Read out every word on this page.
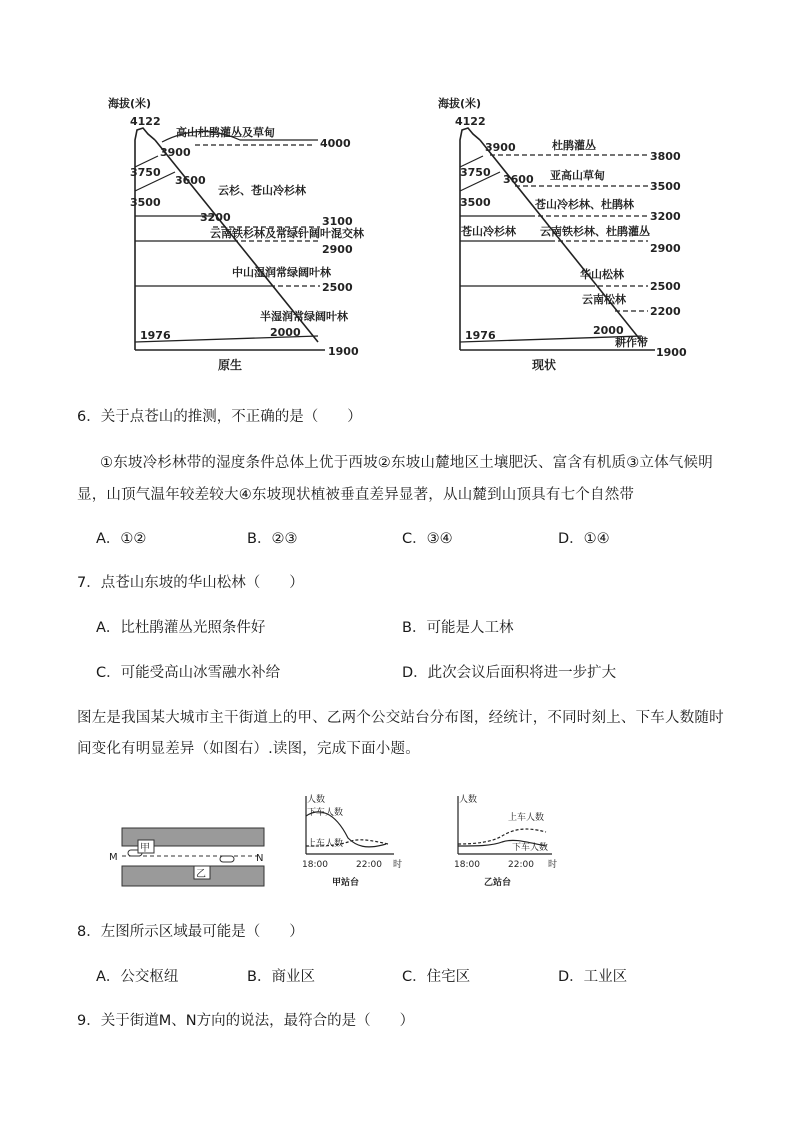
海拔(米)
4122
3750
3500
1976
3900
3600
3200
2000
4000
3100
2900
2500
1900
高山杜鹃灌丛及草甸
云杉、苍山冷杉林
云南铁杉林及常绿针阔叶混交林
中山湿润常绿阔叶林
半湿润常绿阔叶林
原生
海拔(米)
4122
3750
3500
1976
苍山冷杉林
3900
3600
2000
3800
3500
3200
2900
2500
2200
1900
杜鹃灌丛
亚高山草甸
苍山冷杉林、杜鹃林
云南铁杉林、杜鹃灌丛
华山松林
云南松林
耕作带
现状
6．关于点苍山的推测，不正确的是（　　）
①东坡冷杉林带的湿度条件总体上优于西坡②东坡山麓地区土壤肥沃、富含有机质③立体气候明
显，山顶气温年较差较大④东坡现状植被垂直差异显著，从山麓到山顶具有七个自然带
A．①②	B．②③	C．③④	D．①④
7．点苍山东坡的华山松林（　　）
A．比杜鹃灌丛光照条件好	B．可能是人工林
C．可能受高山冰雪融水补给	D．此次会议后面积将进一步扩大
图左是我国某大城市主干街道上的甲、乙两个公交站台分布图，经统计，不同时刻上、下车人数随时
间变化有明显差异（如图右）.读图，完成下面小题。
甲
乙
M	N
人数
下车人数
上车人数
18:00	22:00 时
甲站台
人数
上车人数
下车人数
18:00	22:00 时
乙站台
8．左图所示区域最可能是（　　）
A．公交枢纽	B．商业区	C．住宅区	D．工业区
9．关于街道M、N方向的说法，最符合的是（　　）
